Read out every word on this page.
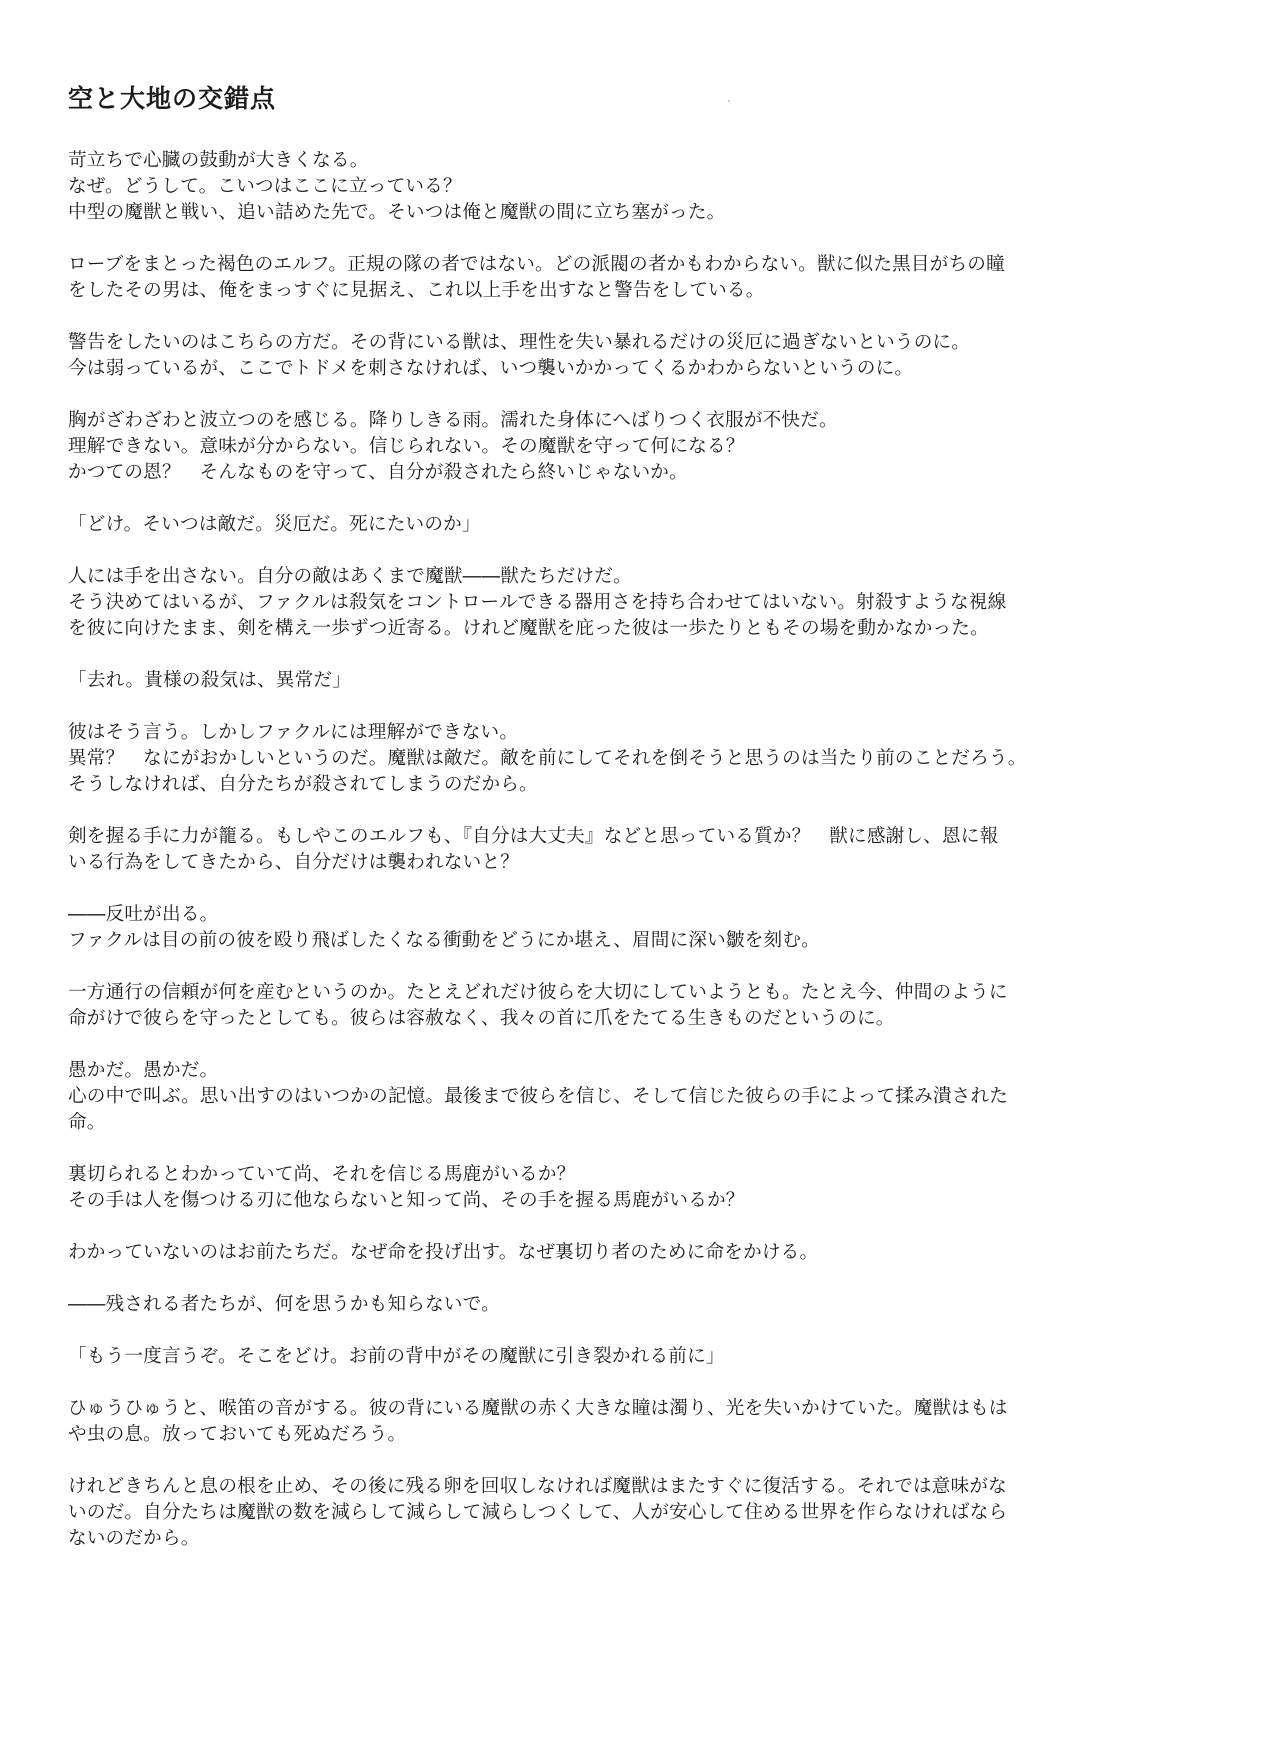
空と大地の交錯点
苛立ちで心臓の鼓動が大きくなる。
なぜ。どうして。こいつはここに立っている？
中型の魔獣と戦い、追い詰めた先で。そいつは俺と魔獣の間に立ち塞がった。
ローブをまとった褐色のエルフ。正規の隊の者ではない。どの派閥の者かもわからない。獣に似た黒目がちの瞳
をしたその男は、俺をまっすぐに見据え、これ以上手を出すなと警告をしている。
警告をしたいのはこちらの方だ。その背にいる獣は、理性を失い暴れるだけの災厄に過ぎないというのに。
今は弱っているが、ここでトドメを刺さなければ、いつ襲いかかってくるかわからないというのに。
胸がざわざわと波立つのを感じる。降りしきる雨。濡れた身体にへばりつく衣服が不快だ。
理解できない。意味が分からない。信じられない。その魔獣を守って何になる？
かつての恩？　そんなものを守って、自分が殺されたら終いじゃないか。
「どけ。そいつは敵だ。災厄だ。死にたいのか」
人には手を出さない。自分の敵はあくまで魔獣――獣たちだけだ。
そう決めてはいるが、ファクルは殺気をコントロールできる器用さを持ち合わせてはいない。射殺すような視線
を彼に向けたまま、剣を構え一歩ずつ近寄る。けれど魔獣を庇った彼は一歩たりともその場を動かなかった。
「去れ。貴様の殺気は、異常だ」
彼はそう言う。しかしファクルには理解ができない。
異常？　なにがおかしいというのだ。魔獣は敵だ。敵を前にしてそれを倒そうと思うのは当たり前のことだろう。
そうしなければ、自分たちが殺されてしまうのだから。
剣を握る手に力が籠る。もしやこのエルフも、『自分は大丈夫』などと思っている質か？　獣に感謝し、恩に報
いる行為をしてきたから、自分だけは襲われないと？
――反吐が出る。
ファクルは目の前の彼を殴り飛ばしたくなる衝動をどうにか堪え、眉間に深い皺を刻む。
一方通行の信頼が何を産むというのか。たとえどれだけ彼らを大切にしていようとも。たとえ今、仲間のように
命がけで彼らを守ったとしても。彼らは容赦なく、我々の首に爪をたてる生きものだというのに。
愚かだ。愚かだ。
心の中で叫ぶ。思い出すのはいつかの記憶。最後まで彼らを信じ、そして信じた彼らの手によって揉み潰された
命。
裏切られるとわかっていて尚、それを信じる馬鹿がいるか？
その手は人を傷つける刃に他ならないと知って尚、その手を握る馬鹿がいるか？
わかっていないのはお前たちだ。なぜ命を投げ出す。なぜ裏切り者のために命をかける。
――残される者たちが、何を思うかも知らないで。
「もう一度言うぞ。そこをどけ。お前の背中がその魔獣に引き裂かれる前に」
ひゅうひゅうと、喉笛の音がする。彼の背にいる魔獣の赤く大きな瞳は濁り、光を失いかけていた。魔獣はもは
や虫の息。放っておいても死ぬだろう。
けれどきちんと息の根を止め、その後に残る卵を回収しなければ魔獣はまたすぐに復活する。それでは意味がな
いのだ。自分たちは魔獣の数を減らして減らして減らしつくして、人が安心して住める世界を作らなければなら
ないのだから。
